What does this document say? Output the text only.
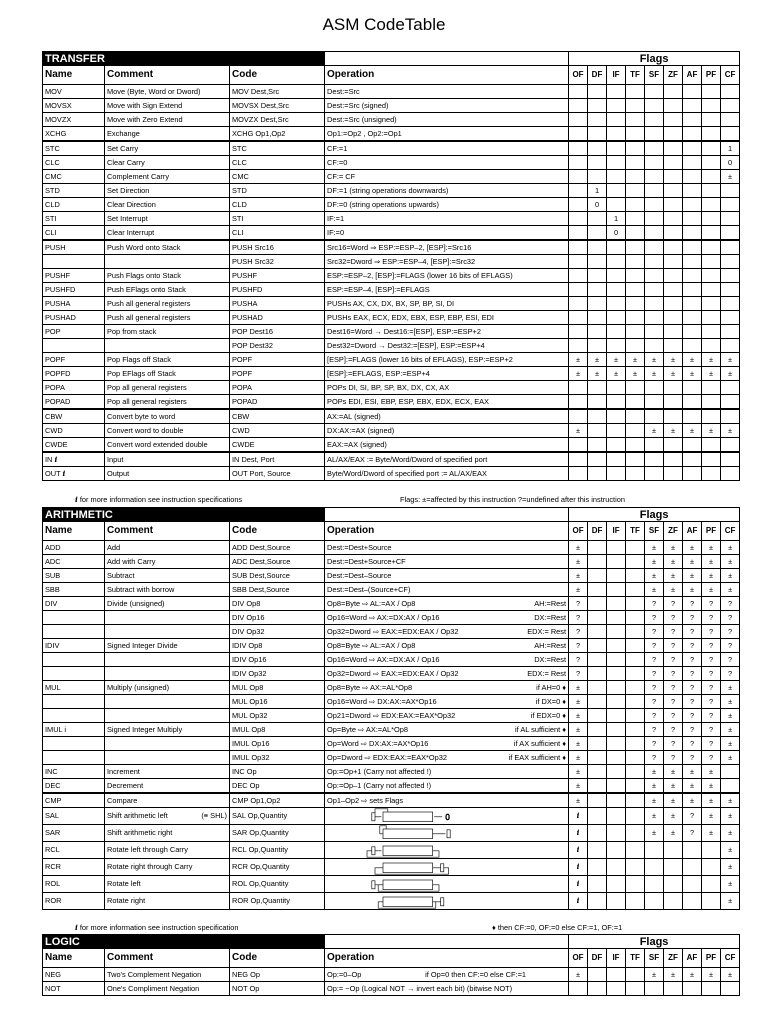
ASM CodeTable
TRANSFER				Flags								
Name	Comment	Code	Operation	OF	DF	IF	TF	SF	ZF	AF	PF	CF
MOV	Move (Byte, Word or Dword)	MOV Dest,Src	Dest:=Src									
MOVSX	Move with Sign Extend	MOVSX Dest,Src	Dest:=Src (signed)									
MOVZX	Move with Zero Extend	MOVZX Dest,Src	Dest:=Src (unsigned)									
XCHG	Exchange	XCHG Op1,Op2	Op1:=Op2 , Op2:=Op1									
STC	Set Carry	STC	CF:=1									1
CLC	Clear Carry	CLC	CF:=0									0
CMC	Complement Carry	CMC	CF:= CF									±
STD	Set Direction	STD	DF:=1 (string operations downwards)		1							
CLD	Clear Direction	CLD	DF:=0 (string operations upwards)		0							
STI	Set Interrupt	STI	IF:=1			1						
CLI	Clear Interrupt	CLI	IF:=0			0						
PUSH	Push Word onto Stack	PUSH Src16	Src16=Word ⇒ ESP:=ESP–2, [ESP]:=Src16									
		PUSH Src32	Src32=Dword ⇒ ESP:=ESP–4, [ESP]:=Src32									
PUSHF	Push Flags onto Stack	PUSHF	ESP:=ESP–2, [ESP]:=FLAGS (lower 16 bits of EFLAGS)									
PUSHFD	Push EFlags onto Stack	PUSHFD	ESP:=ESP–4, [ESP]:=EFLAGS									
PUSHA	Push all general registers	PUSHA	PUSHs AX, CX, DX, BX, SP, BP, SI, DI									
PUSHAD	Push all general registers	PUSHAD	PUSHs EAX, ECX, EDX, EBX, ESP, EBP, ESI, EDI									
POP	Pop from stack	POP Dest16	Dest16=Word → Dest16:=[ESP], ESP:=ESP+2									
		POP Dest32	Dest32=Dword → Dest32:=[ESP], ESP:=ESP+4									
POPF	Pop Flags off Stack	POPF	[ESP]:=FLAGS (lower 16 bits of EFLAGS), ESP:=ESP+2	±	±	±	±	±	±	±	±	±
POPFD	Pop EFlags off Stack	POPF	[ESP]:=EFLAGS, ESP:=ESP+4	±	±	±	±	±	±	±	±	±
POPA	Pop all general registers	POPA	POPs DI, SI, BP, SP, BX, DX, CX, AX									
POPAD	Pop all general registers	POPAD	POPs EDI, ESI, EBP, ESP, EBX, EDX, ECX, EAX									
CBW	Convert byte to word	CBW	AX:=AL (signed)									
CWD	Convert word to double	CWD	DX:AX:=AX (signed)	±				±	±	±	±	±
CWDE	Convert word extended double	CWDE	EAX:=AX (signed)									
IN i	Input	IN Dest, Port	AL/AX/EAX := Byte/Word/Dword of specified port									
OUT i	Output	OUT Port, Source	Byte/Word/Dword of specified port := AL/AX/EAX									
i for more information see instruction specifications	Flags: ±=affected by this instruction ?=undefined after this instruction
ARITHMETIC				Flags								
Name	Comment	Code	Operation	OF	DF	IF	TF	SF	ZF	AF	PF	CF
ADD	Add	ADD Dest,Source	Dest:=Dest+Source	±				±	±	±	±	±
ADC	Add with Carry	ADC Dest,Source	Dest:=Dest+Source+CF	±				±	±	±	±	±
SUB	Subtract	SUB Dest,Source	Dest:=Dest–Source	±				±	±	±	±	±
SBB	Subtract with borrow	SBB Dest,Source	Dest:=Dest–(Source+CF)	±				±	±	±	±	±
DIV	Divide (unsigned)	DIV Op8	Op8=Byte ⇨ AL:=AX / Op8 AH:=Rest	?				?	?	?	?	?
		DIV Op16	Op16=Word ⇨ AX:=DX:AX / Op16 DX:=Rest	?				?	?	?	?	?
		DIV Op32	Op32=Dword ⇨ EAX:=EDX:EAX / Op32 EDX:= Rest	?				?	?	?	?	?
IDIV	Signed Integer Divide	IDIV Op8	Op8=Byte ⇨ AL:=AX / Op8 AH:=Rest	?				?	?	?	?	?
		IDIV Op16	Op16=Word ⇨ AX:=DX:AX / Op16 DX:=Rest	?				?	?	?	?	?
		IDIV Op32	Op32=Dword ⇨ EAX:=EDX:EAX / Op32 EDX:= Rest	?				?	?	?	?	?
MUL	Multiply (unsigned)	MUL Op8	Op8=Byte ⇨ AX:=AL*Op8 if AH=0 ♦	±				?	?	?	?	±
		MUL Op16	Op16=Word ⇨ DX:AX:=AX*Op16 if DX=0 ♦	±				?	?	?	?	±
		MUL Op32	Op21=Dword ⇨ EDX:EAX:=EAX*Op32 if EDX=0 ♦	±				?	?	?	?	±
IMUL i	Signed Integer Multiply	IMUL Op8	Op=Byte ⇨ AX:=AL*Op8 if AL sufficient ♦	±				?	?	?	?	±
		IMUL Op16	Op=Word ⇨ DX:AX:=AX*Op16 if AX sufficient ♦	±				?	?	?	?	±
		IMUL Op32	Op=Dword ⇨ EDX:EAX:=EAX*Op32 if EAX sufficient ♦	±				?	?	?	?	±
INC	Increment	INC Op	Op:=Op+1 (Carry not affected !)	±				±	±	±	±	
DEC	Decrement	DEC Op	Op:=Op–1 (Carry not affected !)	±				±	±	±	±	
CMP	Compare	CMP Op1,Op2	Op1–Op2 ⇨ sets Flags	±				±	±	±	±	±
SAL	Shift arithmetic left (≡ SHL)	SAL Op,Quantity	0	i				±	±	?	±	±
SAR	Shift arithmetic right	SAR Op,Quantity		i				±	±	?	±	±
RCL	Rotate left through Carry	RCL Op,Quantity		i								±
RCR	Rotate right through Carry	RCR Op,Quantity		i								±
ROL	Rotate left	ROL Op,Quantity		i								±
ROR	Rotate right	ROR Op,Quantity		i								±
i for more information see instruction specification	♦ then CF:=0, OF:=0 else CF:=1, OF:=1
LOGIC				Flags								
Name	Comment	Code	Operation	OF	DF	IF	TF	SF	ZF	AF	PF	CF
NEG	Two's Complement Negation	NEG Op	Op:=0–Op if Op=0 then CF:=0 else CF:=1	±				±	±	±	±	±
NOT	One's Compliment Negation	NOT Op	Op:= ~Op (Logical NOT → invert each bit) (bitwise NOT)									
